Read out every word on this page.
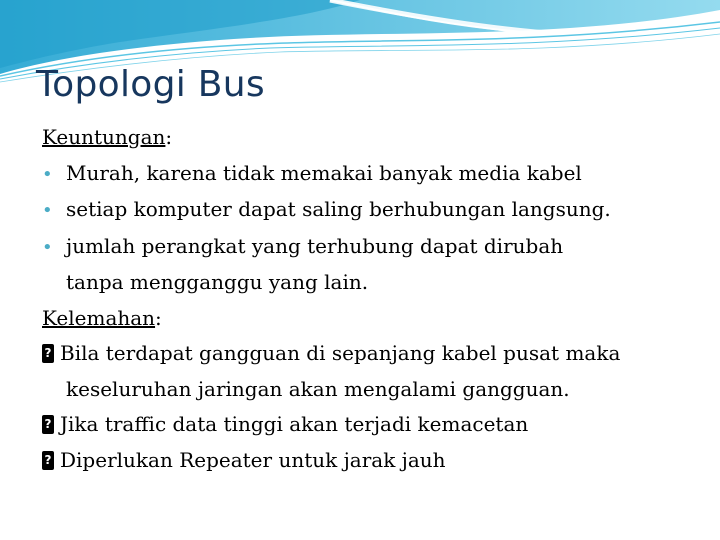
Topologi Bus
Keuntungan:
• Murah, karena tidak memakai banyak media kabel
• setiap komputer dapat saling berhubungan langsung.
• jumlah perangkat yang terhubung dapat dirubah
tanpa mengganggu yang lain.
Kelemahan:
?Bila terdapat gangguan di sepanjang kabel pusat maka
keseluruhan jaringan akan mengalami gangguan.
?Jika traffic data tinggi akan terjadi kemacetan
?Diperlukan Repeater untuk jarak jauh
